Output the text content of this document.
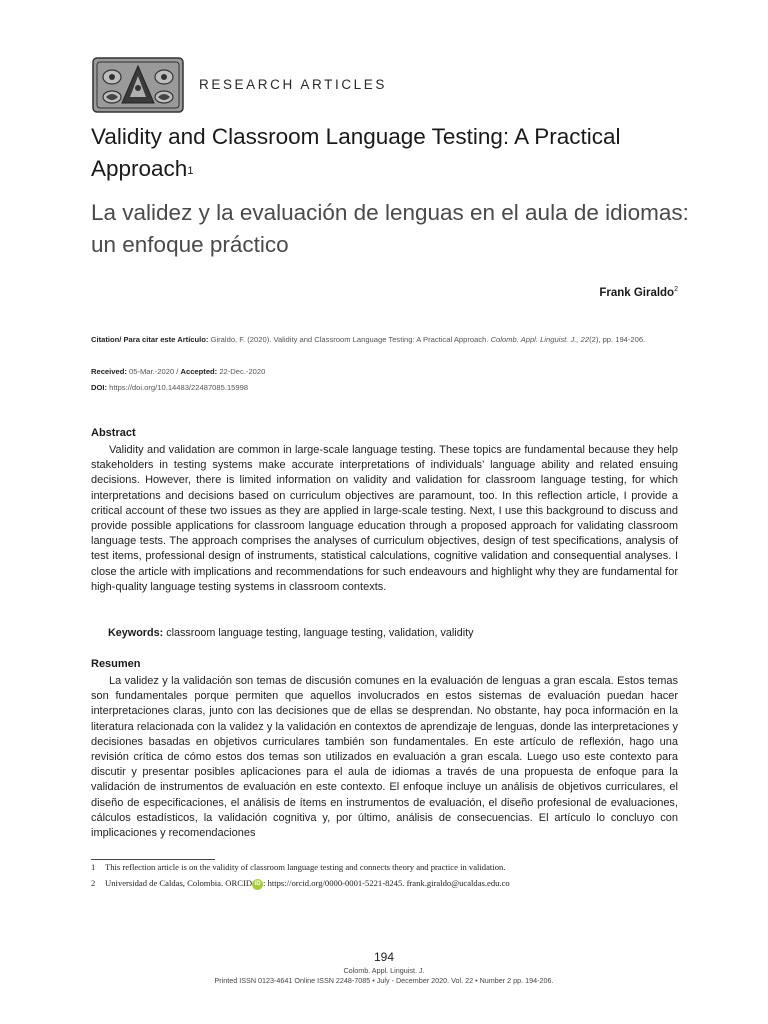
RESEARCH ARTICLES
Validity and Classroom Language Testing: A Practical Approach$^1$
La validez y la evaluación de lenguas en el aula de idiomas: un enfoque práctico
Frank Giraldo$^2$
Citation/ Para citar este Artículo: Giraldo, F. (2020). Validity and Classroom Language Testing: A Practical Approach. Colomb. Appl. Linguist. J., 22(2), pp. 194-206.
Received: 05-Mar.-2020 / Accepted: 22-Dec.-2020
DOI: https://doi.org/10.14483/22487085.15998
Abstract
Validity and validation are common in large-scale language testing. These topics are fundamental because they help stakeholders in testing systems make accurate interpretations of individuals’ language ability and related ensuing decisions. However, there is limited information on validity and validation for classroom language testing, for which interpretations and decisions based on curriculum objectives are paramount, too. In this reflection article, I provide a critical account of these two issues as they are applied in large-scale testing. Next, I use this background to discuss and provide possible applications for classroom language education through a proposed approach for validating classroom language tests. The approach comprises the analyses of curriculum objectives, design of test specifications, analysis of test items, professional design of instruments, statistical calculations, cognitive validation and consequential analyses. I close the article with implications and recommendations for such endeavours and highlight why they are fundamental for high-quality language testing systems in classroom contexts.
Keywords: classroom language testing, language testing, validation, validity
Resumen
La validez y la validación son temas de discusión comunes en la evaluación de lenguas a gran escala. Estos temas son fundamentales porque permiten que aquellos involucrados en estos sistemas de evaluación puedan hacer interpretaciones claras, junto con las decisiones que de ellas se desprendan. No obstante, hay poca información en la literatura relacionada con la validez y la validación en contextos de aprendizaje de lenguas, donde las interpretaciones y decisiones basadas en objetivos curriculares también son fundamentales. En este artículo de reflexión, hago una revisión crítica de cómo estos dos temas son utilizados en evaluación a gran escala. Luego uso este contexto para discutir y presentar posibles aplicaciones para el aula de idiomas a través de una propuesta de enfoque para la validación de instrumentos de evaluación en este contexto. El enfoque incluye un análisis de objetivos curriculares, el diseño de especificaciones, el análisis de ítems en instrumentos de evaluación, el diseño profesional de evaluaciones, cálculos estadísticos, la validación cognitiva y, por último, análisis de consecuencias. El artículo lo concluyo con implicaciones y recomendaciones
1 This reflection article is on the validity of classroom language testing and connects theory and practice in validation.
2 Universidad de Caldas, Colombia. ORCID iD : https://orcid.org/0000-0001-5221-8245. frank.giraldo@ucaldas.edu.co
194
Colomb. Appl. Linguist. J.
Printed ISSN 0123-4641 Online ISSN 2248-7085 • July - December 2020. Vol. 22 • Number 2 pp. 194-206.
